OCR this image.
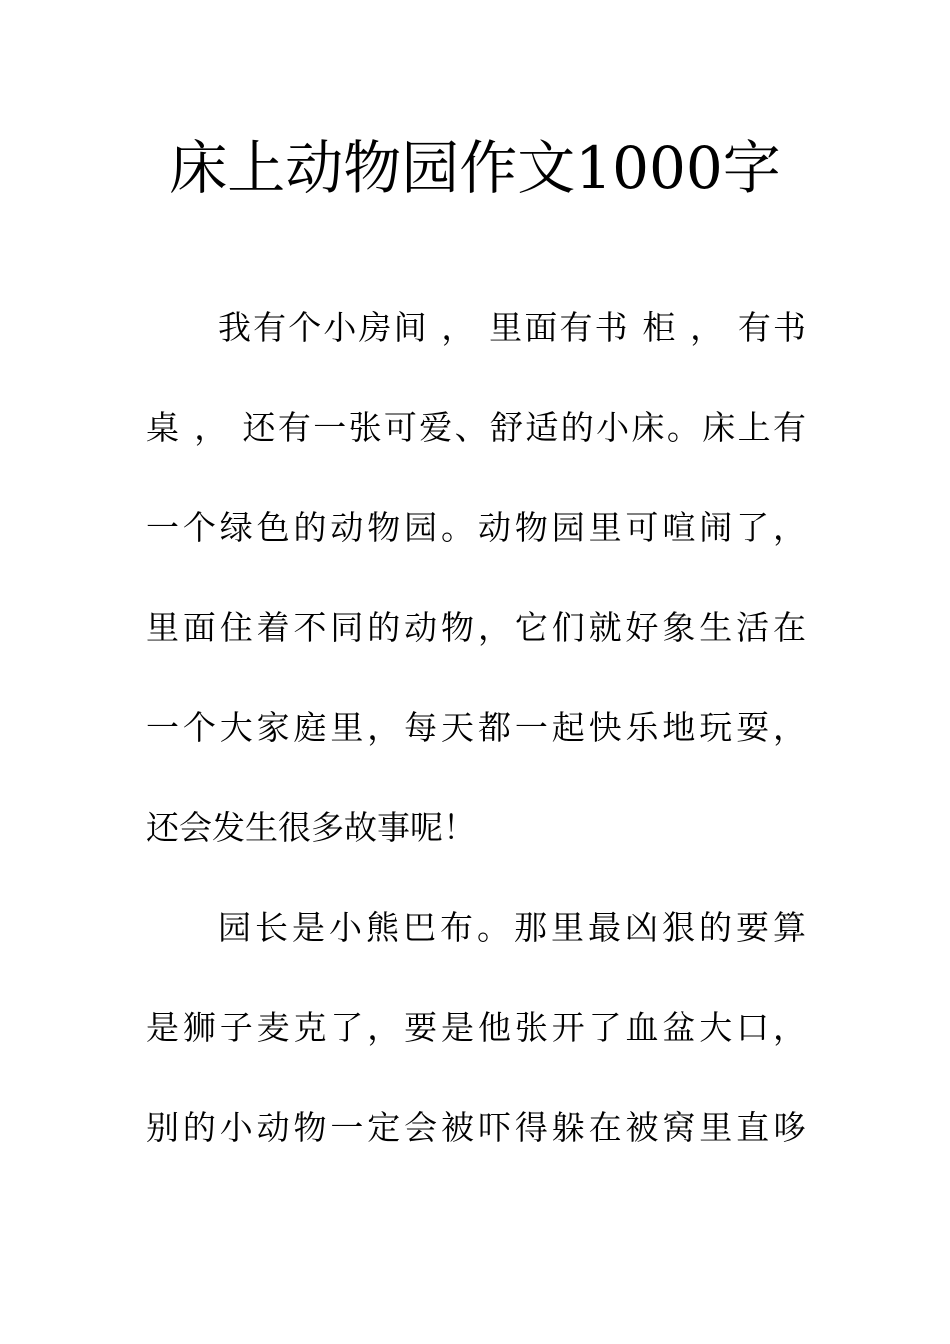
床上动物园作文1000字

我有个小房间 ， 里面有书 柜 ， 有书

桌 ， 还有一张可爱、舒适的小床。床上有

一个绿色的动物园。动物园里可喧闹了，

里面住着不同的动物，它们就好象生活在

一个大家庭里，每天都一起快乐地玩耍，

还会发生很多故事呢！

园长是小熊巴布。那里最凶狠的要算

是狮子麦克了，要是他张开了血盆大口，

别的小动物一定会被吓得躲在被窝里直哆
